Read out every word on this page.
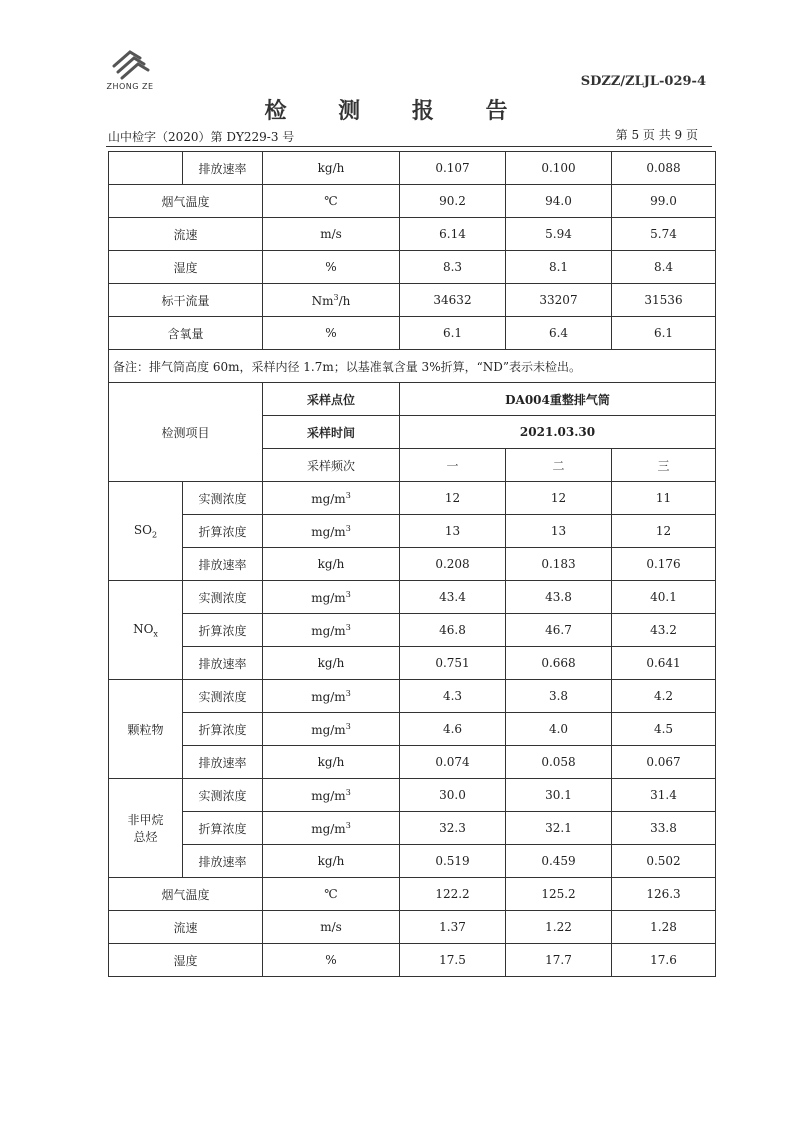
ZHONG ZE	SDZZ/ZLJL-029-4
检 测 报 告
山中检字（2020）第 DY229-3 号	第 5 页 共 9 页
	排放速率	kg/h	0.107	0.100	0.088
烟气温度		℃	90.2	94.0	99.0
流速		m/s	6.14	5.94	5.74
湿度		%	8.3	8.1	8.4
标干流量		Nm$^3$/h	34632	33207	31536
含氧量		%	6.1	6.4	6.1
备注：排气筒高度 60m，采样内径 1.7m；以基准氧含量 3%折算，“ND”表示未检出。					
检测项目		采样点位	DA004重整排气筒		
		采样时间	2021.03.30		
		采样频次	一	二	三
$SO_2$	实测浓度	$mg/m^3$	12	12	11
	折算浓度	$mg/m^3$	13	13	12
	排放速率	kg/h	0.208	0.183	0.176
$NO_x$	实测浓度	$mg/m^3$	43.4	43.8	40.1
	折算浓度	$mg/m^3$	46.8	46.7	43.2
	排放速率	kg/h	0.751	0.668	0.641
颗粒物	实测浓度	$mg/m^3$	4.3	3.8	4.2
	折算浓度	$mg/m^3$	4.6	4.0	4.5
	排放速率	kg/h	0.074	0.058	0.067
非甲烷
总烃	实测浓度	$mg/m^3$	30.0	30.1	31.4
	折算浓度	$mg/m^3$	32.3	32.1	33.8
	排放速率	kg/h	0.519	0.459	0.502
烟气温度		℃	122.2	125.2	126.3
流速		m/s	1.37	1.22	1.28
湿度		%	17.5	17.7	17.6
